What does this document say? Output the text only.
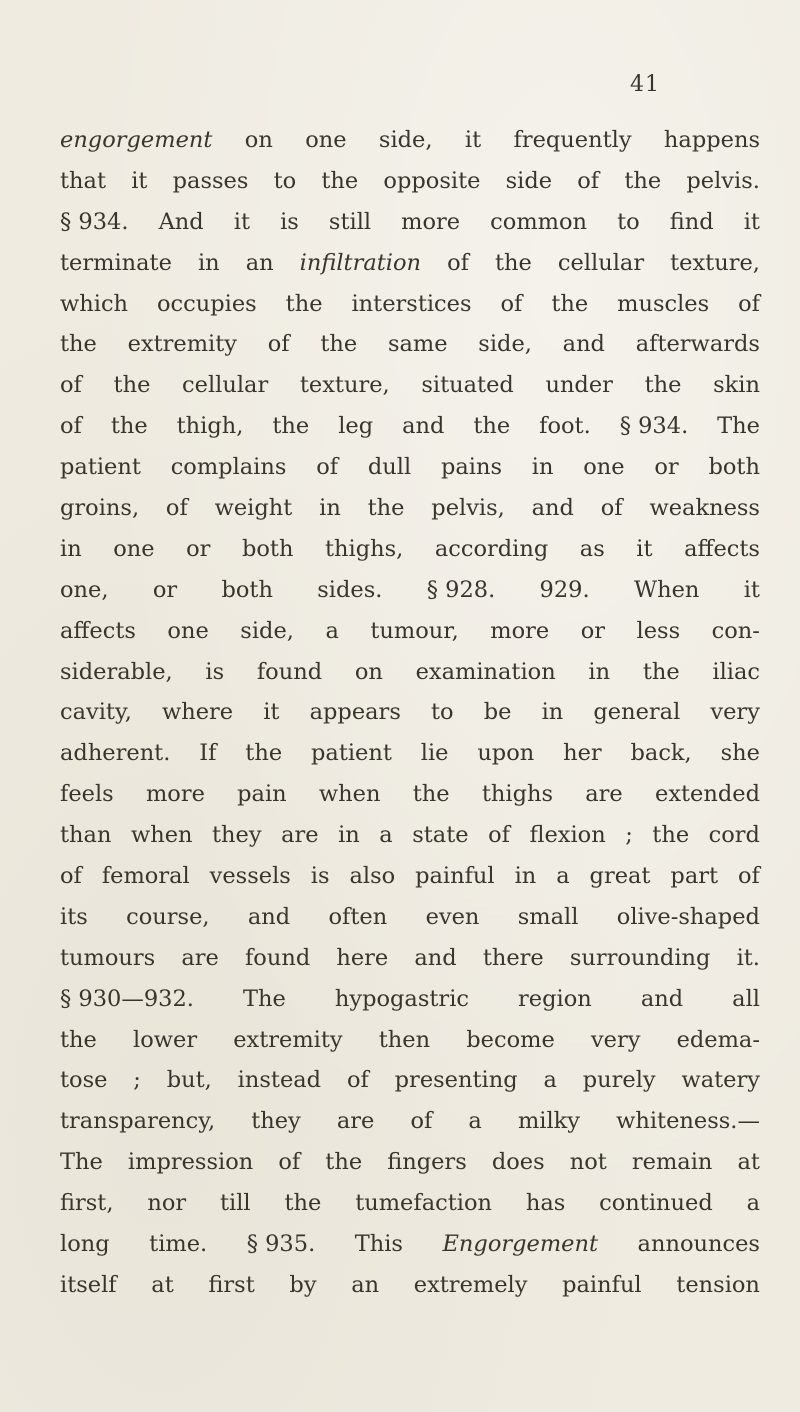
41
engorgement on one side, it frequently happens
that it passes to the opposite side of the pelvis.
§ 934. And it is still more common to find it
terminate in an infiltration of the cellular texture,
which occupies the interstices of the muscles of
the extremity of the same side, and afterwards
of the cellular texture, situated under the skin
of the thigh, the leg and the foot. § 934. The
patient complains of dull pains in one or both
groins, of weight in the pelvis, and of weakness
in one or both thighs, according as it affects
one, or both sides. § 928. 929. When it
affects one side, a tumour, more or less con-
siderable, is found on examination in the iliac
cavity, where it appears to be in general very
adherent. If the patient lie upon her back, she
feels more pain when the thighs are extended
than when they are in a state of flexion ; the cord
of femoral vessels is also painful in a great part of
its course, and often even small olive-shaped
tumours are found here and there surrounding it.
§ 930—932. The hypogastric region and all
the lower extremity then become very edema-
tose ; but, instead of presenting a purely watery
transparency, they are of a milky whiteness.—
The impression of the fingers does not remain at
first, nor till the tumefaction has continued a
long time. § 935. This Engorgement announces
itself at first by an extremely painful tension
